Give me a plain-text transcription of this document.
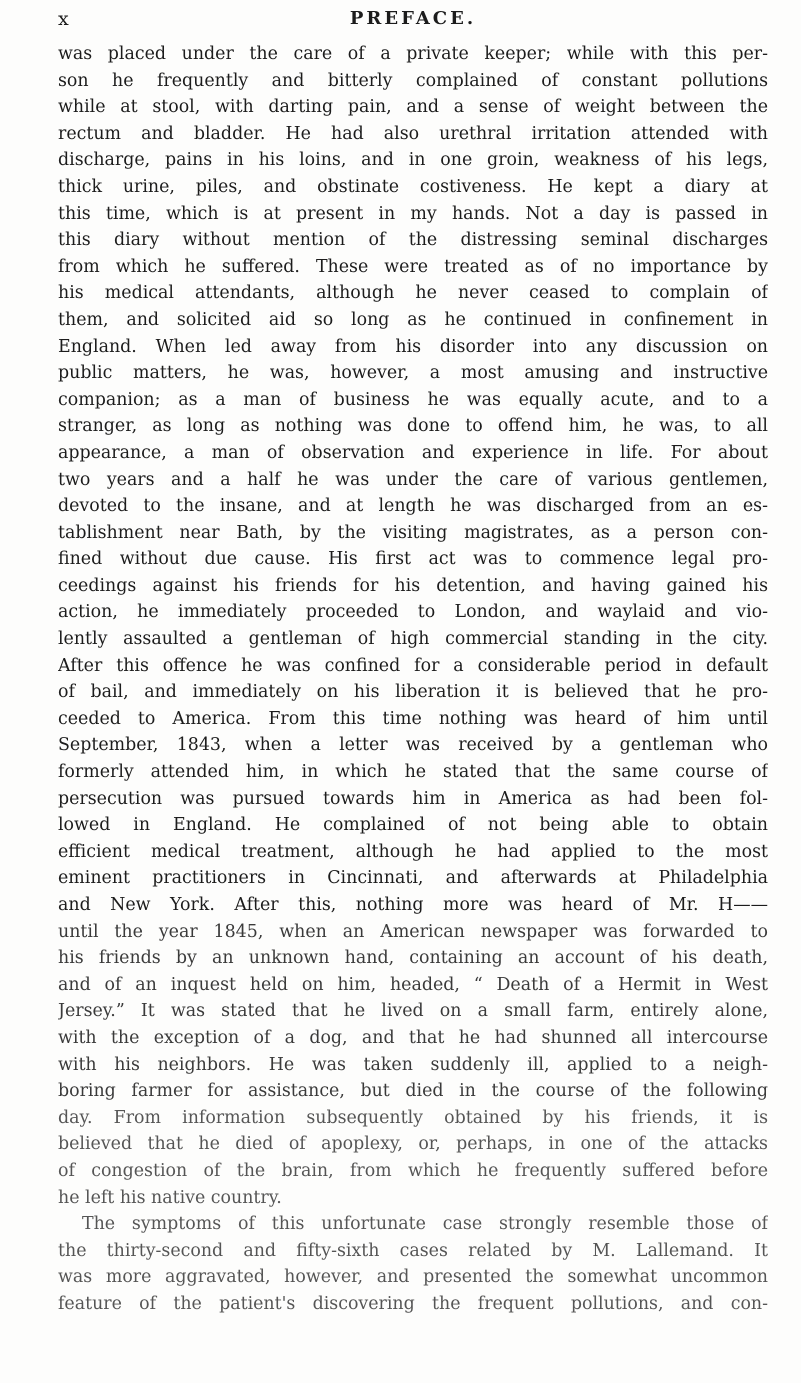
x	PREFACE.
was placed under the care of a private keeper; while with this per-
son he frequently and bitterly complained of constant pollutions
while at stool, with darting pain, and a sense of weight between the
rectum and bladder. He had also urethral irritation attended with
discharge, pains in his loins, and in one groin, weakness of his legs,
thick urine, piles, and obstinate costiveness. He kept a diary at
this time, which is at present in my hands. Not a day is passed in
this diary without mention of the distressing seminal discharges
from which he suffered. These were treated as of no importance by
his medical attendants, although he never ceased to complain of
them, and solicited aid so long as he continued in confinement in
England. When led away from his disorder into any discussion on
public matters, he was, however, a most amusing and instructive
companion; as a man of business he was equally acute, and to a
stranger, as long as nothing was done to offend him, he was, to all
appearance, a man of observation and experience in life. For about
two years and a half he was under the care of various gentlemen,
devoted to the insane, and at length he was discharged from an es-
tablishment near Bath, by the visiting magistrates, as a person con-
fined without due cause. His first act was to commence legal pro-
ceedings against his friends for his detention, and having gained his
action, he immediately proceeded to London, and waylaid and vio-
lently assaulted a gentleman of high commercial standing in the city.
After this offence he was confined for a considerable period in default
of bail, and immediately on his liberation it is believed that he pro-
ceeded to America. From this time nothing was heard of him until
September, 1843, when a letter was received by a gentleman who
formerly attended him, in which he stated that the same course of
persecution was pursued towards him in America as had been fol-
lowed in England. He complained of not being able to obtain
efficient medical treatment, although he had applied to the most
eminent practitioners in Cincinnati, and afterwards at Philadelphia
and New York. After this, nothing more was heard of Mr. H——
until the year 1845, when an American newspaper was forwarded to
his friends by an unknown hand, containing an account of his death,
and of an inquest held on him, headed, “ Death of a Hermit in West
Jersey.” It was stated that he lived on a small farm, entirely alone,
with the exception of a dog, and that he had shunned all intercourse
with his neighbors. He was taken suddenly ill, applied to a neigh-
boring farmer for assistance, but died in the course of the following
day. From information subsequently obtained by his friends, it is
believed that he died of apoplexy, or, perhaps, in one of the attacks
of congestion of the brain, from which he frequently suffered before
he left his native country.
The symptoms of this unfortunate case strongly resemble those of
the thirty-second and fifty-sixth cases related by M. Lallemand. It
was more aggravated, however, and presented the somewhat uncommon
feature of the patient's discovering the frequent pollutions, and con-
